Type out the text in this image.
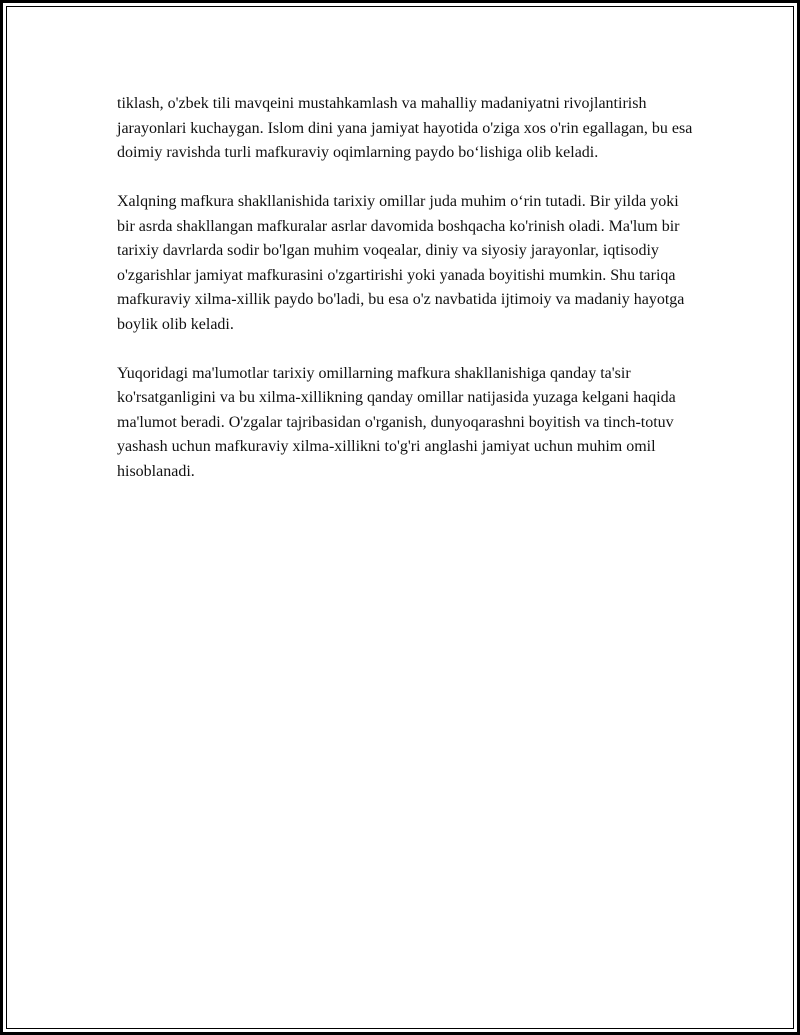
tiklash, o'zbek tili mavqeini mustahkamlash va mahalliy madaniyatni rivojlantirish jarayonlari kuchaygan. Islom dini yana jamiyat hayotida o'ziga xos o'rin egallagan, bu esa doimiy ravishda turli mafkuraviy oqimlarning paydo bo‘lishiga olib keladi.

Xalqning mafkura shakllanishida tarixiy omillar juda muhim o‘rin tutadi. Bir yilda yoki bir asrda shakllangan mafkuralar asrlar davomida boshqacha ko'rinish oladi. Ma'lum bir tarixiy davrlarda sodir bo'lgan muhim voqealar, diniy va siyosiy jarayonlar, iqtisodiy o'zgarishlar jamiyat mafkurasini o'zgartirishi yoki yanada boyitishi mumkin. Shu tariqa mafkuraviy xilma-xillik paydo bo'ladi, bu esa o'z navbatida ijtimoiy va madaniy hayotga boylik olib keladi.

Yuqoridagi ma'lumotlar tarixiy omillarning mafkura shakllanishiga qanday ta'sir ko'rsatganligini va bu xilma-xillikning qanday omillar natijasida yuzaga kelgani haqida ma'lumot beradi. O'zgalar tajribasidan o'rganish, dunyoqarashni boyitish va tinch-totuv yashash uchun mafkuraviy xilma-xillikni to'g'ri anglashi jamiyat uchun muhim omil hisoblanadi.
